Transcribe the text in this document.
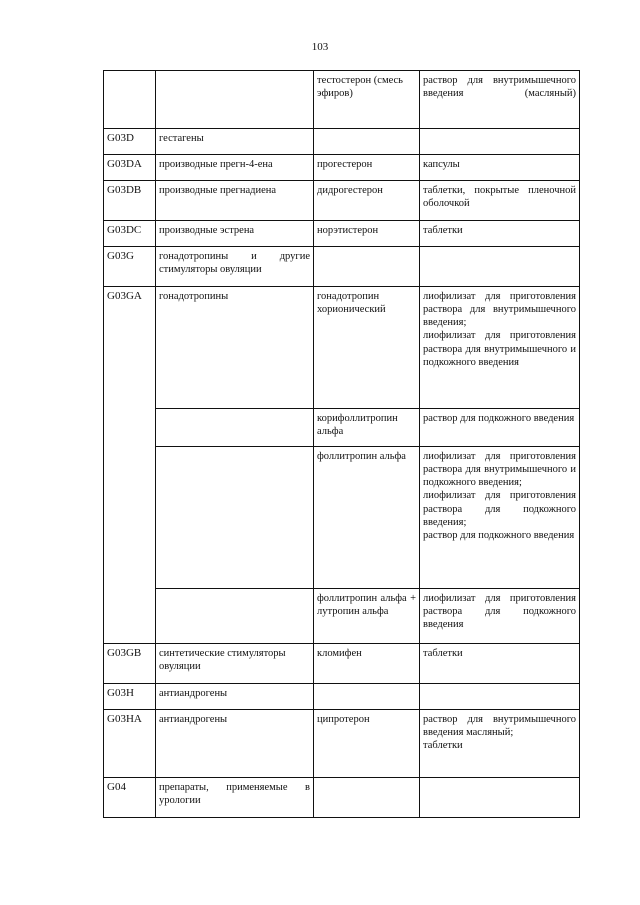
103
		тестостерон (смесь эфиров)	раствор для внутримышечного введения (масляный)

G03D	гестагены		
G03DA	производные прегн-4-ена	прогестерон	капсулы

G03DB	производные прегнадиена	дидрогестерон	таблетки, покрытые пленочной оболочкой

G03DC	производные эстрена	норэтистерон	таблетки

G03G	гонадотропины и другие стимуляторы овуляции		
G03GA	гонадотропины	гонадотропин хорионический	лиофилизат для приготовления раствора для внутримышечного введения;
лиофилизат для приготовления раствора для внутримышечного и подкожного введения

		корифоллитропин альфа	раствор для подкожного введения

		фоллитропин альфа	лиофилизат для приготовления раствора для внутримышечного и подкожного введения;
лиофилизат для приготовления раствора для подкожного введения;
раствор для подкожного введения

		фоллитропин альфа + лутропин альфа	лиофилизат для приготовления раствора для подкожного введения

G03GB	синтетические стимуляторы овуляции	кломифен	таблетки

G03H	антиандрогены		
G03HA	антиандрогены	ципротерон	раствор для внутримышечного введения масляный;
таблетки

G04	препараты, применяемые в урологии		
